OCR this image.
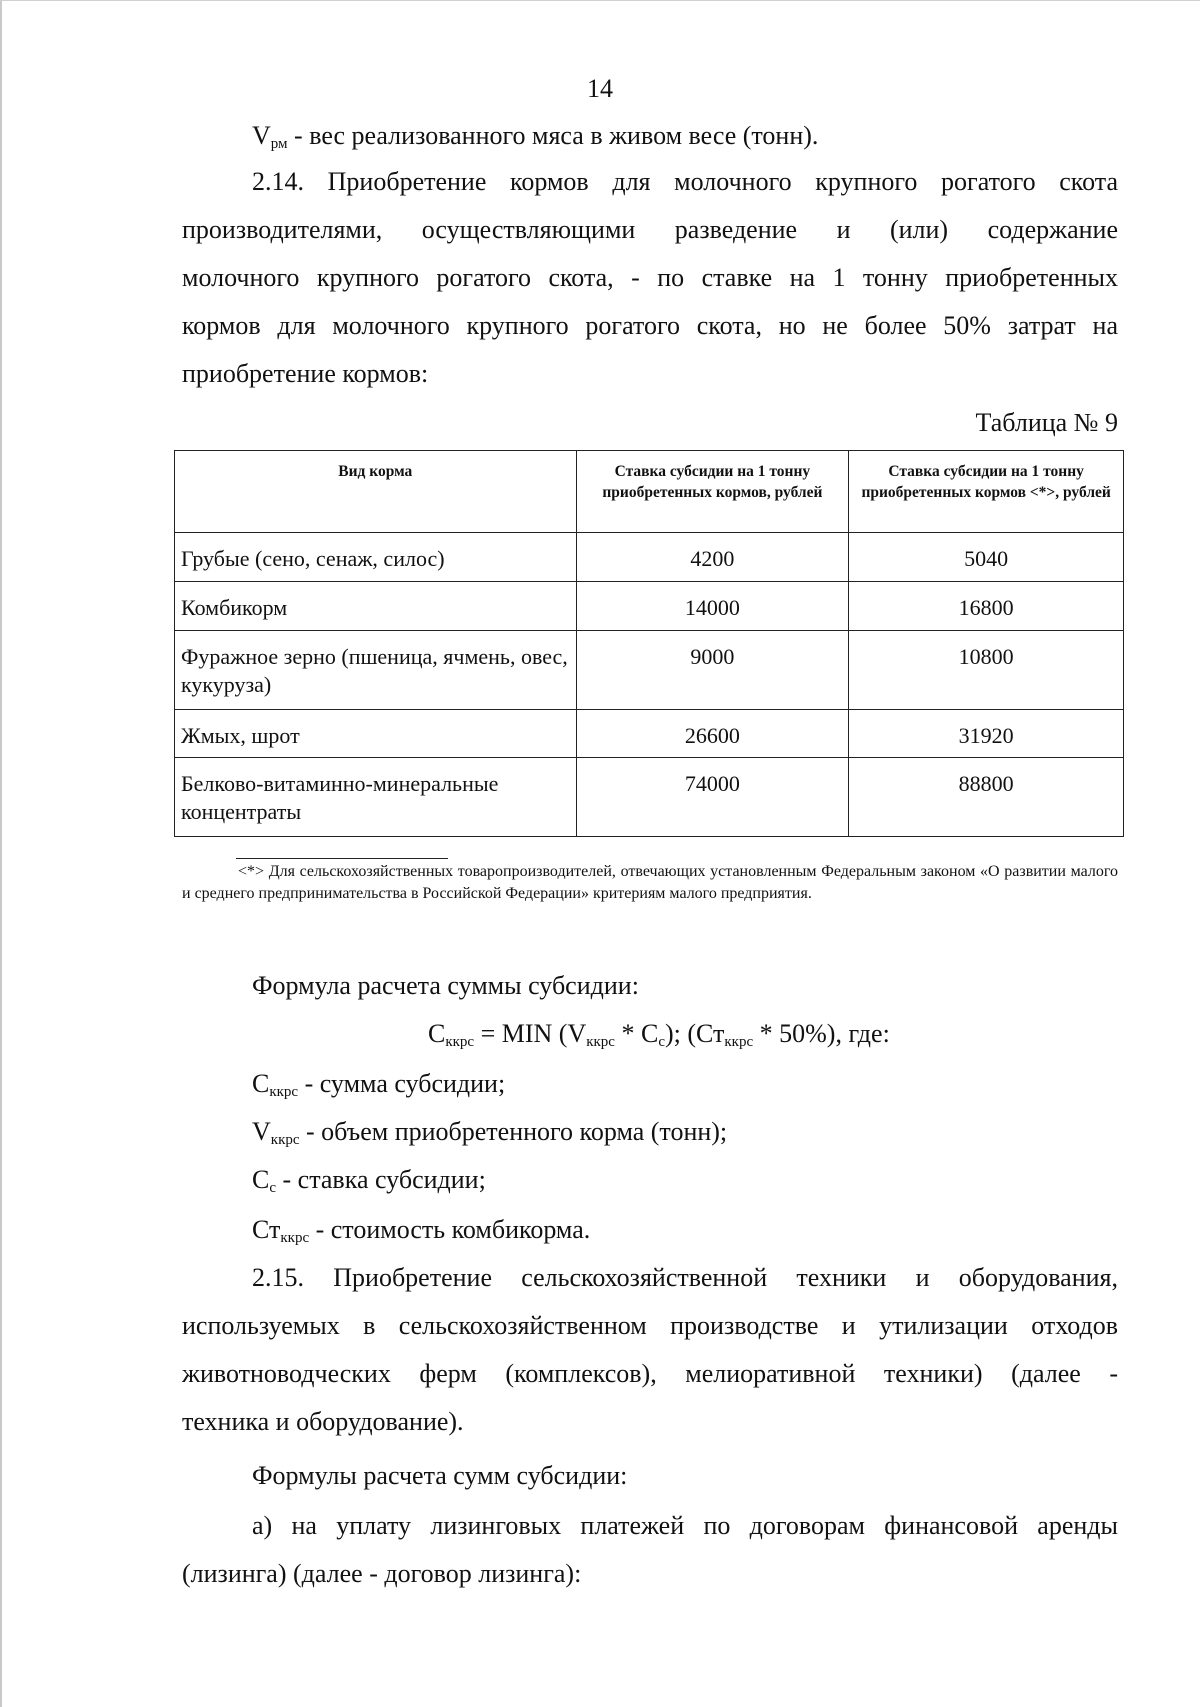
14
$V_{рм}$ - вес реализованного мяса в живом весе (тонн).
2.14. Приобретение кормов для молочного крупного рогатого скота
производителями, осуществляющими разведение и (или) содержание
молочного крупного рогатого скота, - по ставке на 1 тонну приобретенных
кормов для молочного крупного рогатого скота, но не более 50% затрат на
приобретение кормов:
Таблица № 9
Вид корма	Ставка субсидии на 1 тонну приобретенных кормов, рублей	Ставка субсидии на 1 тонну приобретенных кормов <*>, рублей
Грубые (сено, сенаж, силос)	4200	5040
Комбикорм	14000	16800
Фуражное зерно (пшеница, ячмень, овес, кукуруза)	9000	10800
Жмых, шрот	26600	31920
Белково-витаминно-минеральные концентраты	74000	88800
<*> Для сельскохозяйственных товаропроизводителей, отвечающих установленным Федеральным законом «О развитии малого и среднего предпринимательства в Российской Федерации» критериям малого предприятия.
Формула расчета суммы субсидии:
$С_{ккрс}$ = MIN $(V_{ккрс} * С_с)$; $(Ст_{ккрс} * 50\%)$, где:
$С_{ккрс}$ - сумма субсидии;
$V_{ккрс}$ - объем приобретенного корма (тонн);
$С_с$ - ставка субсидии;
$Ст_{ккрс}$ - стоимость комбикорма.
2.15. Приобретение сельскохозяйственной техники и оборудования,
используемых в сельскохозяйственном производстве и утилизации отходов
животноводческих ферм (комплексов), мелиоративной техники) (далее -
техника и оборудование).
Формулы расчета сумм субсидии:
а) на уплату лизинговых платежей по договорам финансовой аренды
(лизинга) (далее - договор лизинга):
